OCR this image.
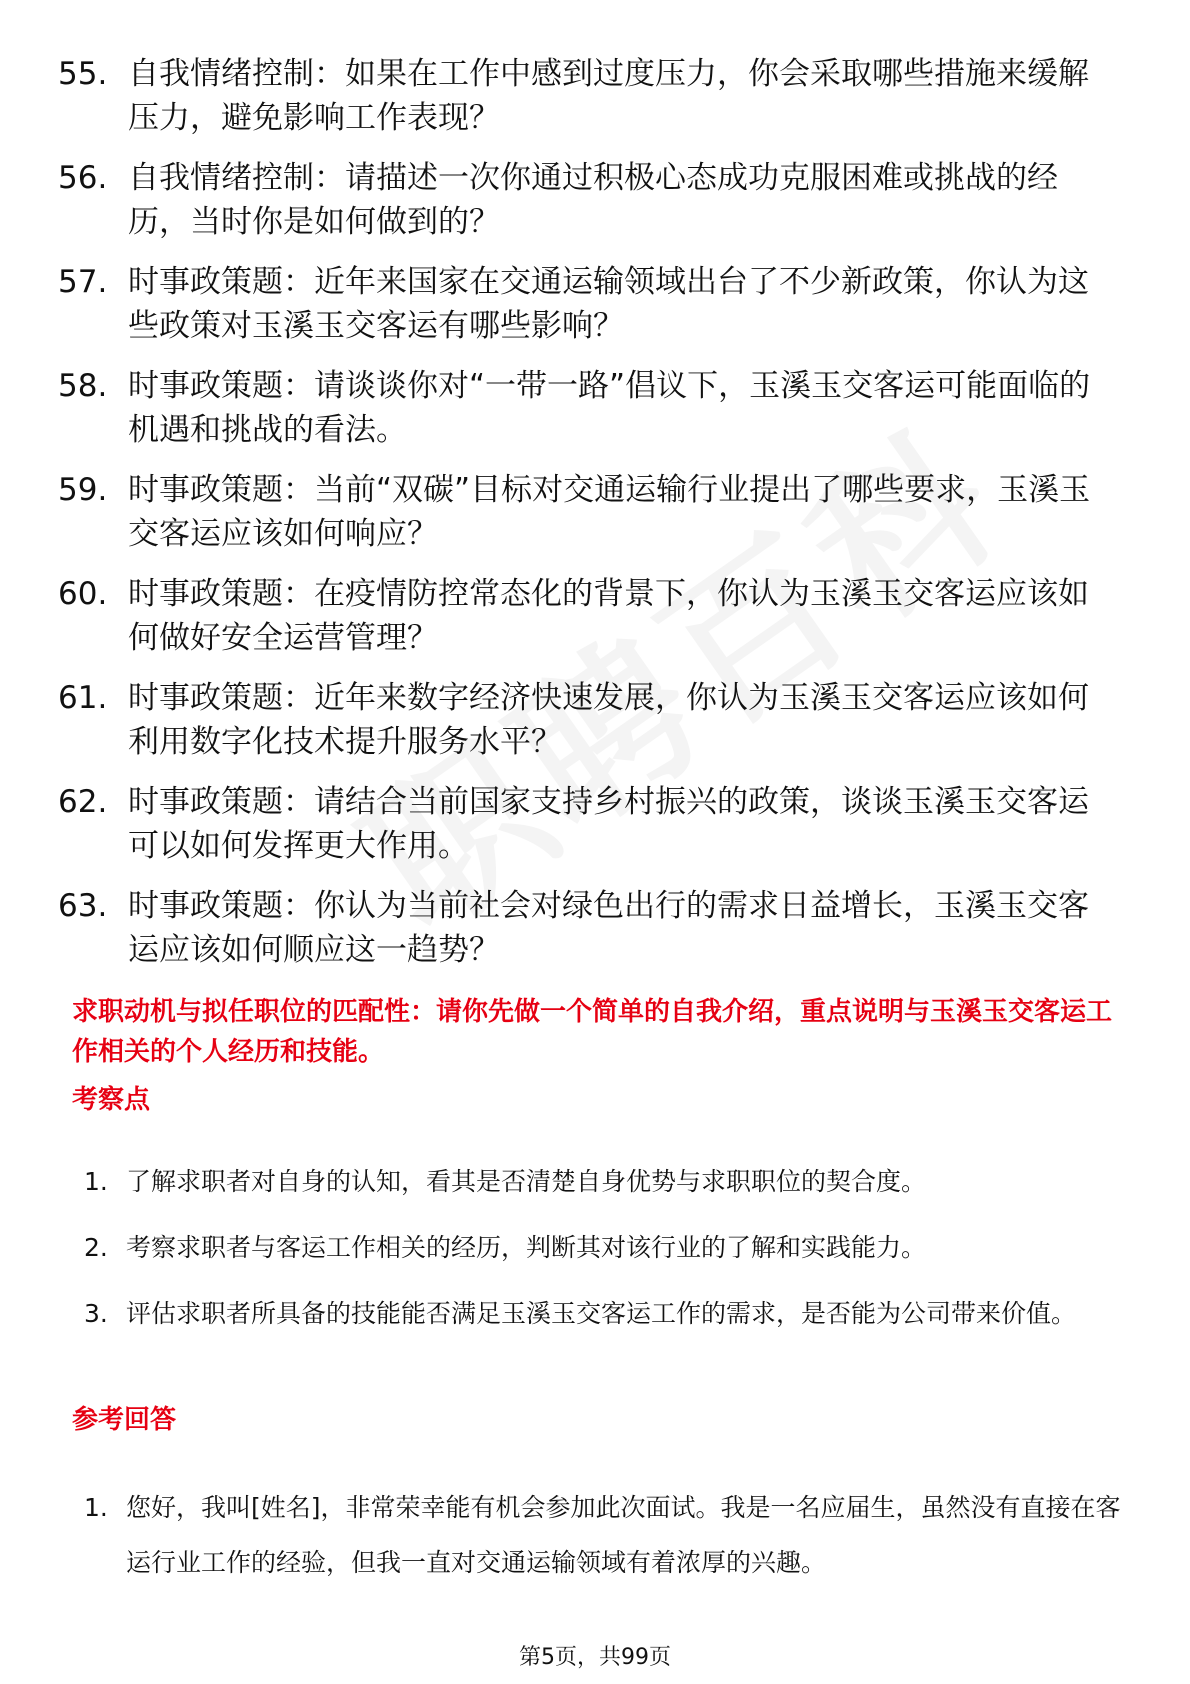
55. 自我情绪控制：如果在工作中感到过度压力，你会采取哪些措施来缓解压力，避免影响工作表现？
56. 自我情绪控制：请描述一次你通过积极心态成功克服困难或挑战的经历，当时你是如何做到的？
57. 时事政策题：近年来国家在交通运输领域出台了不少新政策，你认为这些政策对玉溪玉交客运有哪些影响？
58. 时事政策题：请谈谈你对“一带一路”倡议下，玉溪玉交客运可能面临的机遇和挑战的看法。
59. 时事政策题：当前“双碳”目标对交通运输行业提出了哪些要求，玉溪玉交客运应该如何响应？
60. 时事政策题：在疫情防控常态化的背景下，你认为玉溪玉交客运应该如何做好安全运营管理？
61. 时事政策题：近年来数字经济快速发展，你认为玉溪玉交客运应该如何利用数字化技术提升服务水平？
62. 时事政策题：请结合当前国家支持乡村振兴的政策，谈谈玉溪玉交客运可以如何发挥更大作用。
63. 时事政策题：你认为当前社会对绿色出行的需求日益增长，玉溪玉交客运应该如何顺应这一趋势？
求职动机与拟任职位的匹配性：请你先做一个简单的自我介绍，重点说明与玉溪玉交客运工作相关的个人经历和技能。
考察点
1. 了解求职者对自身的认知，看其是否清楚自身优势与求职职位的契合度。
2. 考察求职者与客运工作相关的经历，判断其对该行业的了解和实践能力。
3. 评估求职者所具备的技能能否满足玉溪玉交客运工作的需求，是否能为公司带来价值。
参考回答
1. 您好，我叫[姓名]，非常荣幸能有机会参加此次面试。我是一名应届生，虽然没有直接在客运行业工作的经验，但我一直对交通运输领域有着浓厚的兴趣。
第5页，共99页
